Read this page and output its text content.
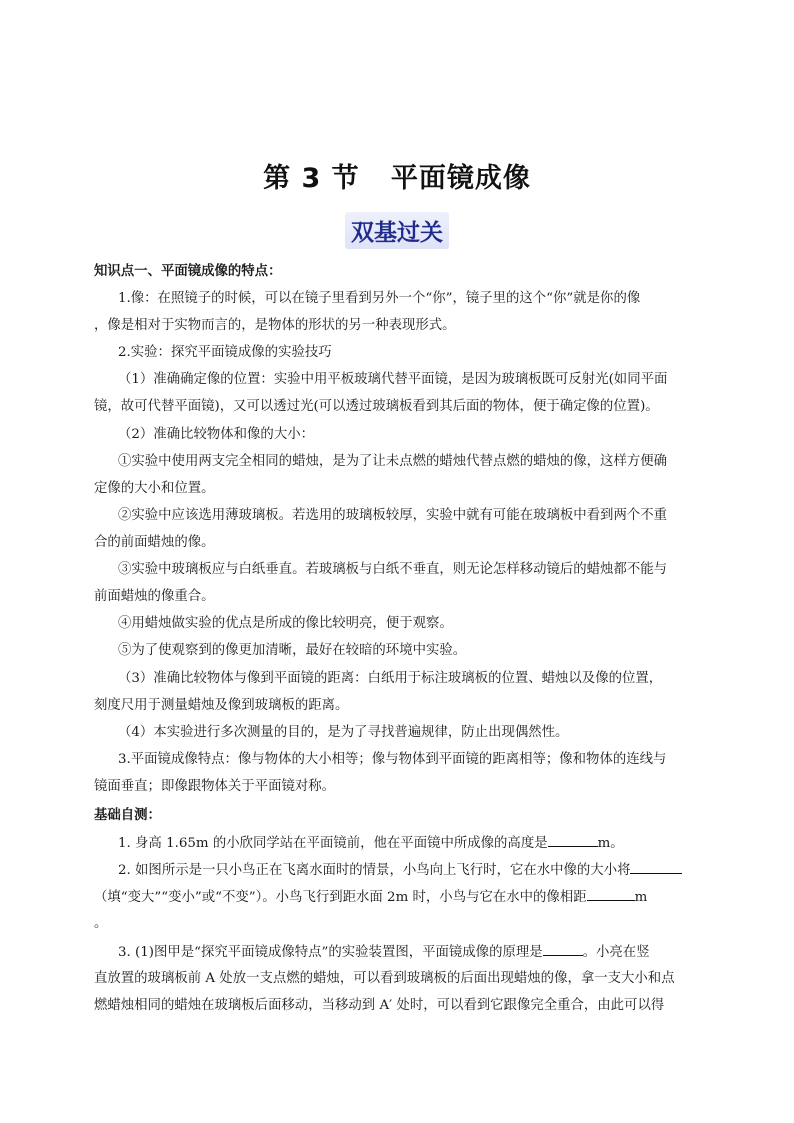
第 3 节   平面镜成像
双基过关
知识点一、平面镜成像的特点：
1.像：在照镜子的时候，可以在镜子里看到另外一个“你”，镜子里的这个“你”就是你的像
，像是相对于实物而言的，是物体的形状的另一种表现形式。
2.实验：探究平面镜成像的实验技巧
（1）准确确定像的位置：实验中用平板玻璃代替平面镜，是因为玻璃板既可反射光(如同平面
镜，故可代替平面镜)，又可以透过光(可以透过玻璃板看到其后面的物体，便于确定像的位置)。
（2）准确比较物体和像的大小：
①实验中使用两支完全相同的蜡烛，是为了让未点燃的蜡烛代替点燃的蜡烛的像，这样方便确
定像的大小和位置。
②实验中应该选用薄玻璃板。若选用的玻璃板较厚，实验中就有可能在玻璃板中看到两个不重
合的前面蜡烛的像。
③实验中玻璃板应与白纸垂直。若玻璃板与白纸不垂直，则无论怎样移动镜后的蜡烛都不能与
前面蜡烛的像重合。
④用蜡烛做实验的优点是所成的像比较明亮，便于观察。
⑤为了使观察到的像更加清晰，最好在较暗的环境中实验。
（3）准确比较物体与像到平面镜的距离：白纸用于标注玻璃板的位置、蜡烛以及像的位置，
刻度尺用于测量蜡烛及像到玻璃板的距离。
（4）本实验进行多次测量的目的，是为了寻找普遍规律，防止出现偶然性。
3.平面镜成像特点：像与物体的大小相等；像与物体到平面镜的距离相等；像和物体的连线与
镜面垂直；即像跟物体关于平面镜对称。
基础自测：
1. 身高 1.65m 的小欣同学站在平面镜前，他在平面镜中所成像的高度是	m。
2. 如图所示是一只小鸟正在飞离水面时的情景，小鸟向上飞行时，它在水中像的大小将
（填“变大”“变小”或“不变”）。小鸟飞行到距水面 2m 时，小鸟与它在水中的像相距	m
。
3. (1)图甲是“探究平面镜成像特点”的实验装置图，平面镜成像的原理是	。小亮在竖
直放置的玻璃板前 A 处放一支点燃的蜡烛，可以看到玻璃板的后面出现蜡烛的像，拿一支大小和点
燃蜡烛相同的蜡烛在玻璃板后面移动，当移动到 A′ 处时，可以看到它跟像完全重合，由此可以得
